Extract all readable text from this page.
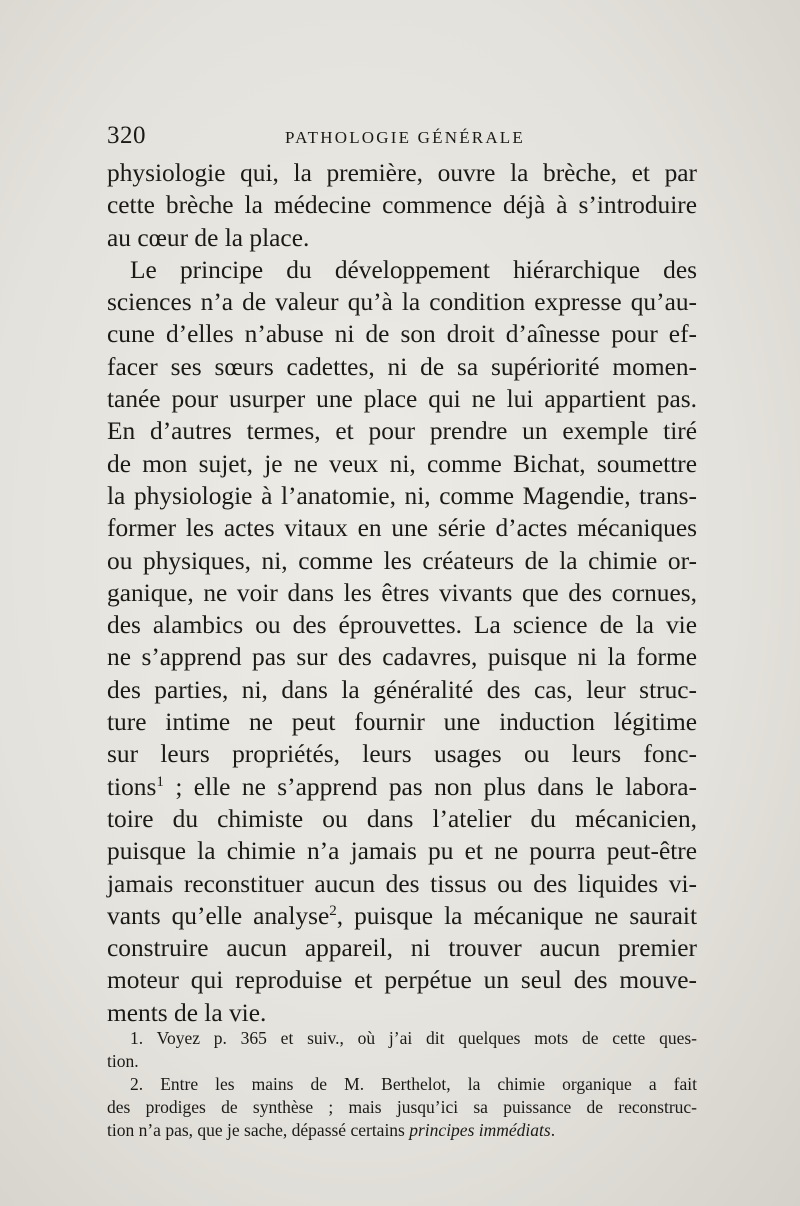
320	PATHOLOGIE GÉNÉRALE
physiologie qui, la première, ouvre la brèche, et par
cette brèche la médecine commence déjà à s’introduire
au cœur de la place.
Le principe du développement hiérarchique des
sciences n’a de valeur qu’à la condition expresse qu’au-
cune d’elles n’abuse ni de son droit d’aînesse pour ef-
facer ses sœurs cadettes, ni de sa supériorité momen-
tanée pour usurper une place qui ne lui appartient pas.
En d’autres termes, et pour prendre un exemple tiré
de mon sujet, je ne veux ni, comme Bichat, soumettre
la physiologie à l’anatomie, ni, comme Magendie, trans-
former les actes vitaux en une série d’actes mécaniques
ou physiques, ni, comme les créateurs de la chimie or-
ganique, ne voir dans les êtres vivants que des cornues,
des alambics ou des éprouvettes. La science de la vie
ne s’apprend pas sur des cadavres, puisque ni la forme
des parties, ni, dans la généralité des cas, leur struc-
ture intime ne peut fournir une induction légitime
sur leurs propriétés, leurs usages ou leurs fonc-
tions$^1$ ; elle ne s’apprend pas non plus dans le labora-
toire du chimiste ou dans l’atelier du mécanicien,
puisque la chimie n’a jamais pu et ne pourra peut-être
jamais reconstituer aucun des tissus ou des liquides vi-
vants qu’elle analyse$^2$, puisque la mécanique ne saurait
construire aucun appareil, ni trouver aucun premier
moteur qui reproduise et perpétue un seul des mouve-
ments de la vie.
1. Voyez p. 365 et suiv., où j’ai dit quelques mots de cette ques-
tion.
2. Entre les mains de M. Berthelot, la chimie organique a fait
des prodiges de synthèse ; mais jusqu’ici sa puissance de reconstruc-
tion n’a pas, que je sache, dépassé certains principes immédiats.
